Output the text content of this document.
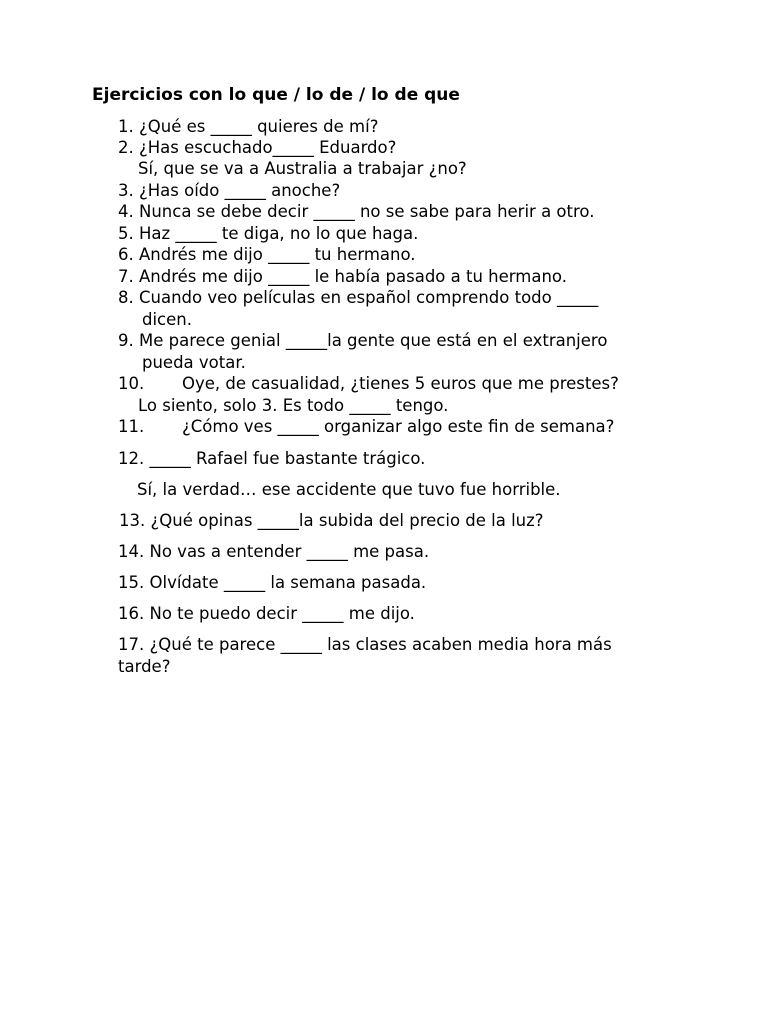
Ejercicios con lo que / lo de / lo de que
1. ¿Qué es _____ quieres de mí?
2. ¿Has escuchado_____ Eduardo?
Sí, que se va a Australia a trabajar ¿no?
3. ¿Has oído _____ anoche?
4. Nunca se debe decir _____ no se sabe para herir a otro.
5. Haz _____ te diga, no lo que haga.
6. Andrés me dijo _____ tu hermano.
7. Andrés me dijo _____ le había pasado a tu hermano.
8. Cuando veo películas en español comprendo todo _____
dicen.
9. Me parece genial _____la gente que está en el extranjero
pueda votar.
10. Oye, de casualidad, ¿tienes 5 euros que me prestes?
Lo siento, solo 3. Es todo _____ tengo.
11. ¿Cómo ves _____ organizar algo este fin de semana?
12. _____ Rafael fue bastante trágico.
Sí, la verdad… ese accidente que tuvo fue horrible.
13. ¿Qué opinas _____la subida del precio de la luz?
14. No vas a entender _____ me pasa.
15. Olvídate _____ la semana pasada.
16. No te puedo decir _____ me dijo.
17. ¿Qué te parece _____ las clases acaben media hora más
tarde?
